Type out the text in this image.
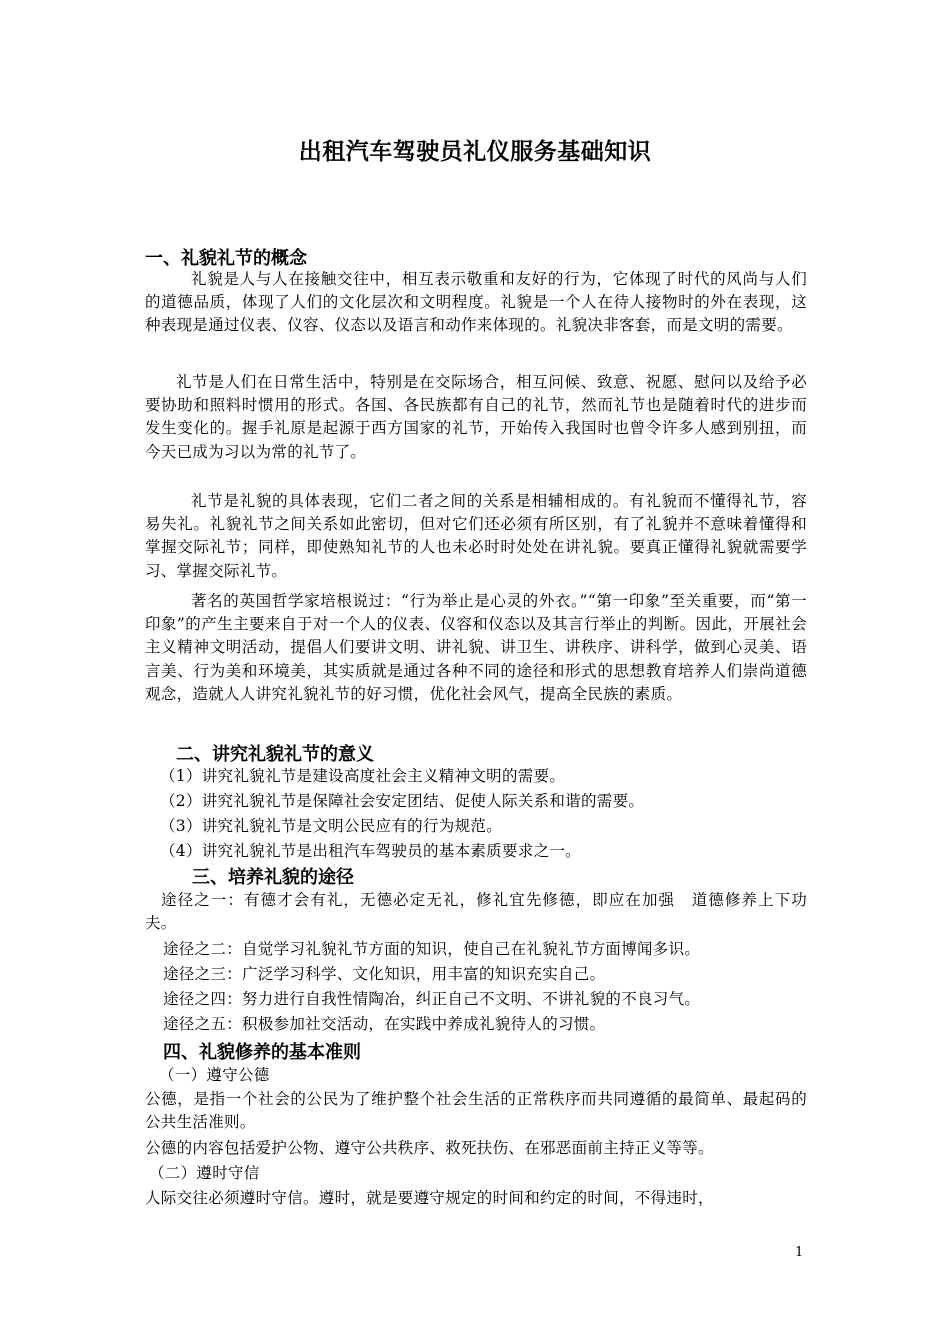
出租汽车驾驶员礼仪服务基础知识
一、礼貌礼节的概念
礼貌是人与人在接触交往中，相互表示敬重和友好的行为，它体现了时代的风尚与人们的道德品质，体现了人们的文化层次和文明程度。礼貌是一个人在待人接物时的外在表现，这种表现是通过仪表、仪容、仪态以及语言和动作来体现的。礼貌决非客套，而是文明的需要。
礼节是人们在日常生活中，特别是在交际场合，相互问候、致意、祝愿、慰问以及给予必要协助和照料时惯用的形式。各国、各民族都有自己的礼节，然而礼节也是随着时代的进步而发生变化的。握手礼原是起源于西方国家的礼节，开始传入我国时也曾令许多人感到别扭，而今天已成为习以为常的礼节了。
礼节是礼貌的具体表现，它们二者之间的关系是相辅相成的。有礼貌而不懂得礼节，容易失礼。礼貌礼节之间关系如此密切，但对它们还必须有所区别，有了礼貌并不意味着懂得和掌握交际礼节；同样，即使熟知礼节的人也未必时时处处在讲礼貌。要真正懂得礼貌就需要学习、掌握交际礼节。
著名的英国哲学家培根说过：“行为举止是心灵的外衣。”“第一印象”至关重要，而“第一印象”的产生主要来自于对一个人的仪表、仪容和仪态以及其言行举止的判断。因此，开展社会主义精神文明活动，提倡人们要讲文明、讲礼貌、讲卫生、讲秩序、讲科学，做到心灵美、语言美、行为美和环境美，其实质就是通过各种不同的途径和形式的思想教育培养人们崇尚道德观念，造就人人讲究礼貌礼节的好习惯，优化社会风气，提高全民族的素质。
二、讲究礼貌礼节的意义
（1）讲究礼貌礼节是建设高度社会主义精神文明的需要。
（2）讲究礼貌礼节是保障社会安定团结、促使人际关系和谐的需要。
（3）讲究礼貌礼节是文明公民应有的行为规范。
（4）讲究礼貌礼节是出租汽车驾驶员的基本素质要求之一。
三、培养礼貌的途径
途径之一：有德才会有礼，无德必定无礼，修礼宜先修德，即应在加强　道德修养上下功夫。
途径之二：自觉学习礼貌礼节方面的知识，使自己在礼貌礼节方面博闻多识。
途径之三：广泛学习科学、文化知识，用丰富的知识充实自己。
途径之四：努力进行自我性情陶冶，纠正自己不文明、不讲礼貌的不良习气。
途径之五：积极参加社交活动，在实践中养成礼貌待人的习惯。
四、礼貌修养的基本准则
（一）遵守公德
公德，是指一个社会的公民为了维护整个社会生活的正常秩序而共同遵循的最简单、最起码的公共生活准则。
公德的内容包括爱护公物、遵守公共秩序、救死扶伤、在邪恶面前主持正义等等。
（二）遵时守信
人际交往必须遵时守信。遵时，就是要遵守规定的时间和约定的时间，不得违时，
1
